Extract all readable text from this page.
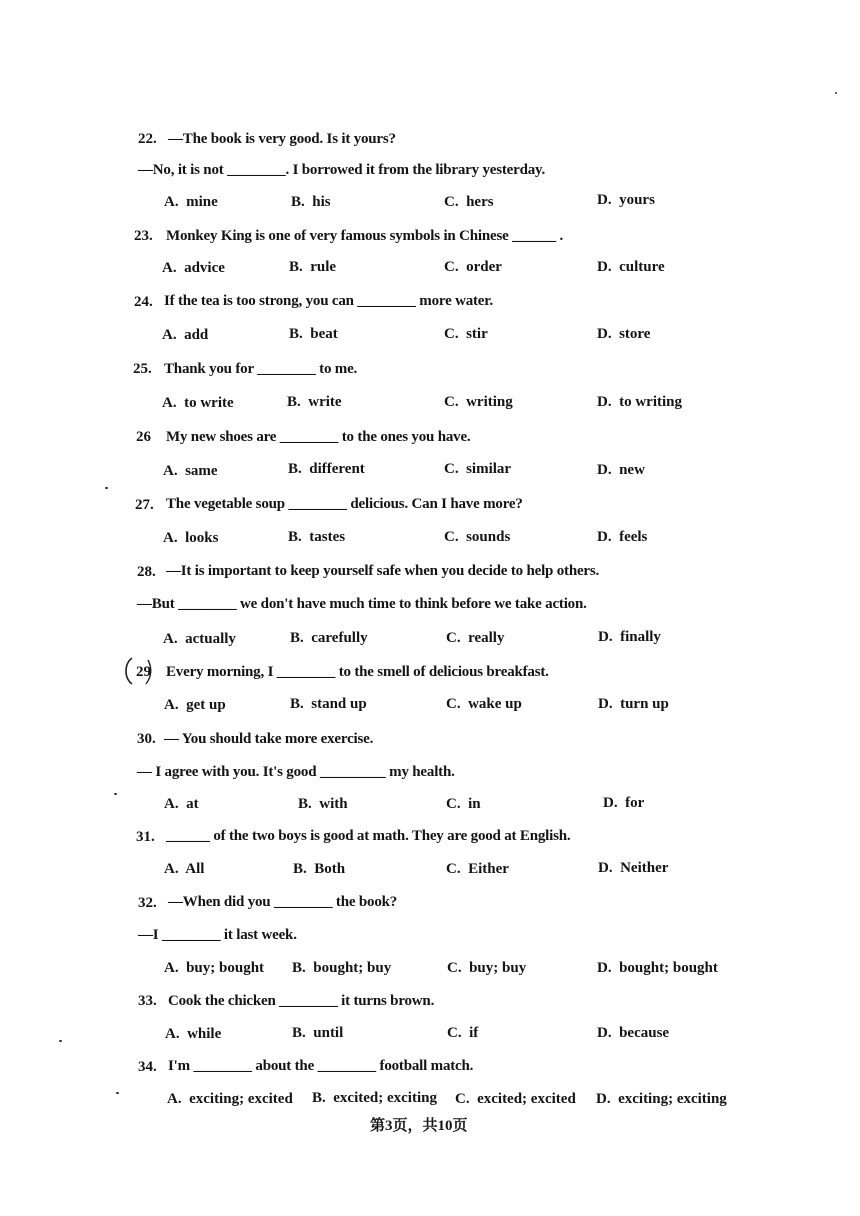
22. —The book is very good. Is it yours?
—No, it is not ________. I borrowed it from the library yesterday.
A.  mine	B.  his	C.  hers	D.  yours
23. Monkey King is one of very famous symbols in Chinese ______ .
A.  advice	B.  rule	C.  order	D.  culture
24. If the tea is too strong, you can ________ more water.
A.  add	B.  beat	C.  stir	D.  store
25. Thank you for ________ to me.
A.  to write	B.  write	C.  writing	D.  to writing
26 My new shoes are ________ to the ones you have.
A.  same	B.  different	C.  similar	D.  new
27. The vegetable soup ________ delicious. Can I have more?
A.  looks	B.  tastes	C.  sounds	D.  feels
28. —It is important to keep yourself safe when you decide to help others.
—But ________ we don't have much time to think before we take action.
A.  actually	B.  carefully	C.  really	D.  finally
29 Every morning, I ________ to the smell of delicious breakfast.
A.  get up	B.  stand up	C.  wake up	D.  turn up
30. — You should take more exercise.
— I agree with you. It's good _________ my health.
A.  at	B.  with	C.  in	D.  for
31. ______ of the two boys is good at math. They are good at English.
A.  All	B.  Both	C.  Either	D.  Neither
32. —When did you ________ the book?
—I ________ it last week.
A.  buy; bought B.  bought; buy	C.  buy; buy	D.  bought; bought
33. Cook the chicken ________ it turns brown.
A.  while	B.  until	C.  if	D.  because
34. I'm ________ about the ________ football match.
A.  exciting; excited B.  excited; exciting C.  excited; excited D.  exciting; exciting
第3页，共10页
